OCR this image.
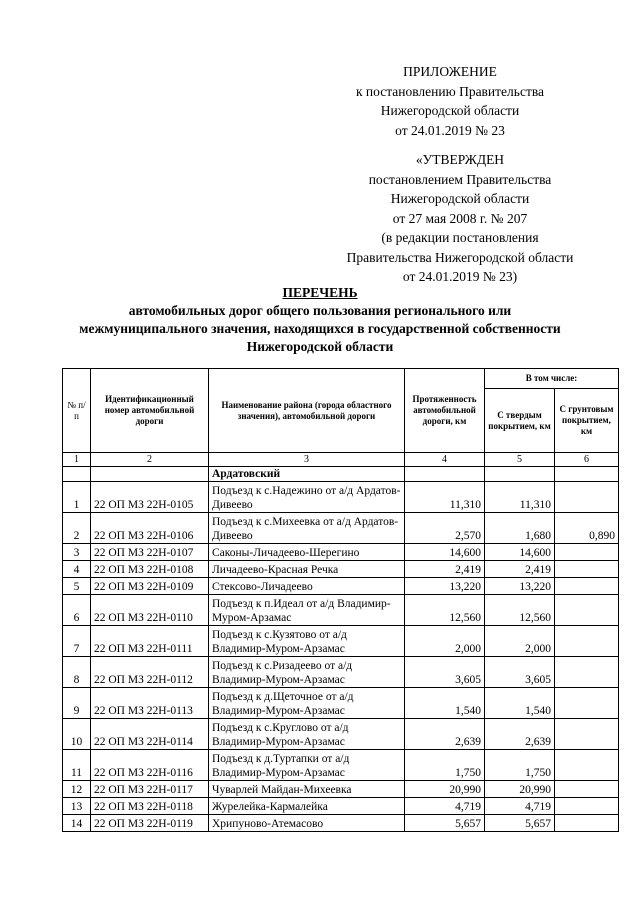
ПРИЛОЖЕНИЕ
к постановлению Правительства
Нижегородской области
от 24.01.2019 № 23
«УТВЕРЖДЕН
постановлением Правительства
Нижегородской области
от 27 мая 2008 г. № 207
(в редакции постановления
Правительства Нижегородской области
от 24.01.2019 № 23)
ПЕРЕЧЕНЬ
автомобильных дорог общего пользования регионального или
межмуниципального значения, находящихся в государственной собственности
Нижегородской области
№ п/п	Идентификационный номер автомобильной дороги	Наименование района (города областного значения), автомобильной дороги	Протяженность автомобильной дороги, км	В том числе:	
				С твердым покрытием, км	С грунтовым покрытием, км
1	2	3	4	5	6
		Ардатовский			
1	22 ОП МЗ 22Н-0105	Подъезд к с.Надежино от а/д Ардатов-Дивеево	11,310	11,310	
2	22 ОП МЗ 22Н-0106	Подъезд к с.Михеевка от а/д Ардатов-Дивеево	2,570	1,680	0,890
3	22 ОП МЗ 22Н-0107	Саконы-Личадеево-Шерегино	14,600	14,600	
4	22 ОП МЗ 22Н-0108	Личадеево-Красная Речка	2,419	2,419	
5	22 ОП МЗ 22Н-0109	Стексово-Личадеево	13,220	13,220	
6	22 ОП МЗ 22Н-0110	Подъезд к п.Идеал от а/д Владимир-Муром-Арзамас	12,560	12,560	
7	22 ОП МЗ 22Н-0111	Подъезд к с.Кузятово от а/д Владимир-Муром-Арзамас	2,000	2,000	
8	22 ОП МЗ 22Н-0112	Подъезд к с.Ризадеево от а/д Владимир-Муром-Арзамас	3,605	3,605	
9	22 ОП МЗ 22Н-0113	Подъезд к д.Щеточное от а/д Владимир-Муром-Арзамас	1,540	1,540	
10	22 ОП МЗ 22Н-0114	Подъезд к с.Круглово от а/д Владимир-Муром-Арзамас	2,639	2,639	
11	22 ОП МЗ 22Н-0116	Подъезд к д.Туртапки от а/д Владимир-Муром-Арзамас	1,750	1,750	
12	22 ОП МЗ 22Н-0117	Чуварлей Майдан-Михеевка	20,990	20,990	
13	22 ОП МЗ 22Н-0118	Журелейка-Кармалейка	4,719	4,719	
14	22 ОП МЗ 22Н-0119	Хрипуново-Атемасово	5,657	5,657	
